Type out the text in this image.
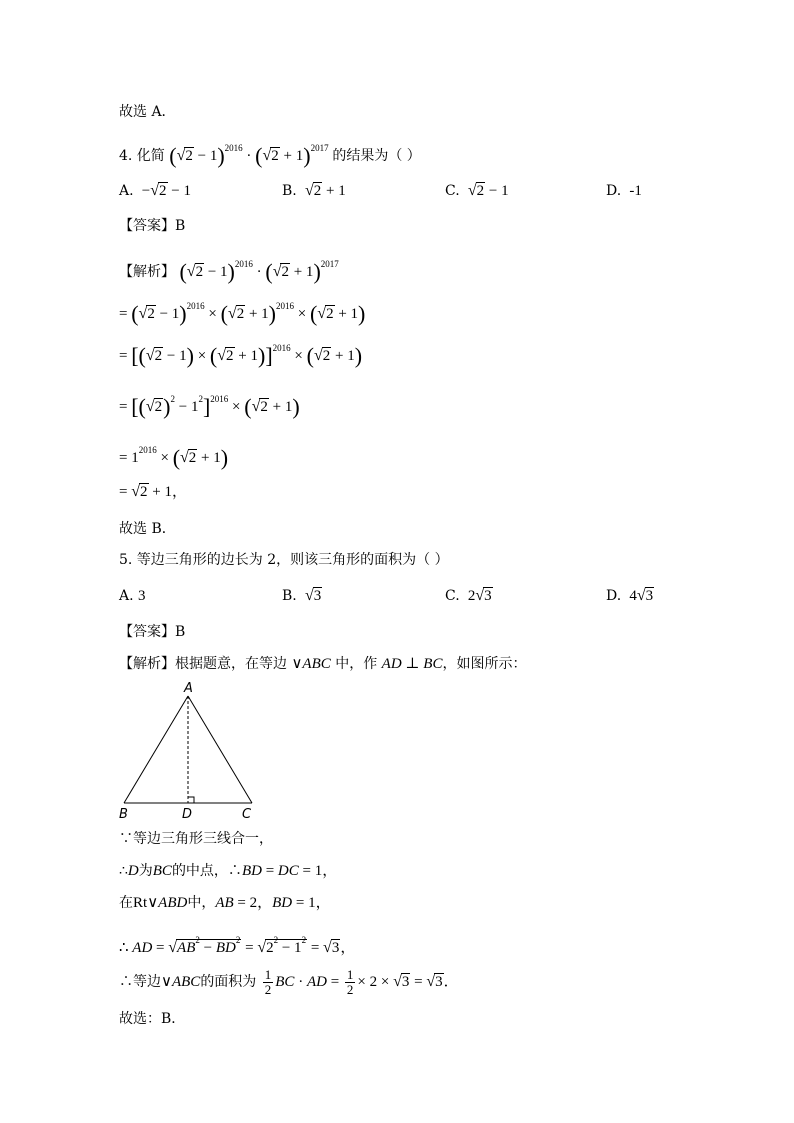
故选 A．
4. 化简 $(√2 - 1)^{2016} \cdot (√2 + 1)^{2017}$ 的结果为（ ）
A.  −√2 − 1	B. √2 + 1	C. √2 − 1	D. -1
【答案】B
【解析】 $(√2 - 1)^{2016} \cdot (√2 + 1)^{2017}$
= $(√2 - 1)^{2016} \times (√2 + 1)^{2016} \times (√2 + 1)$
= $[(√2 - 1) \times (√2 + 1)]^{2016} \times (√2 + 1)$
= $[(√2)^2 - 1^2]^{2016} \times (√2 + 1)$
= $1^{2016} \times (√2 + 1)$
= √2 + 1，
故选 B．
5. 等边三角形的边长为 2，则该三角形的面积为（ ）
A. 3	B. √3	C.  2√3	D.  4√3
【答案】B
【解析】根据题意，在等边 ∨ABC 中，作 AD ⊥ BC，如图所示：
A
B	D	C
∵等边三角形三线合一，
∴D为BC的中点，∴BD = DC = 1，
在Rt∨ABD中，AB = 2，BD = 1，
∴ AD = $√AB^2 - BD^2 = √2^2 - 1^2 = √3$，
∴等边∨ABC的面积为 $\frac{1}{2}$ BC · AD = $\frac{1}{2} \times 2 \times √3 = √3$．
故选：B．
